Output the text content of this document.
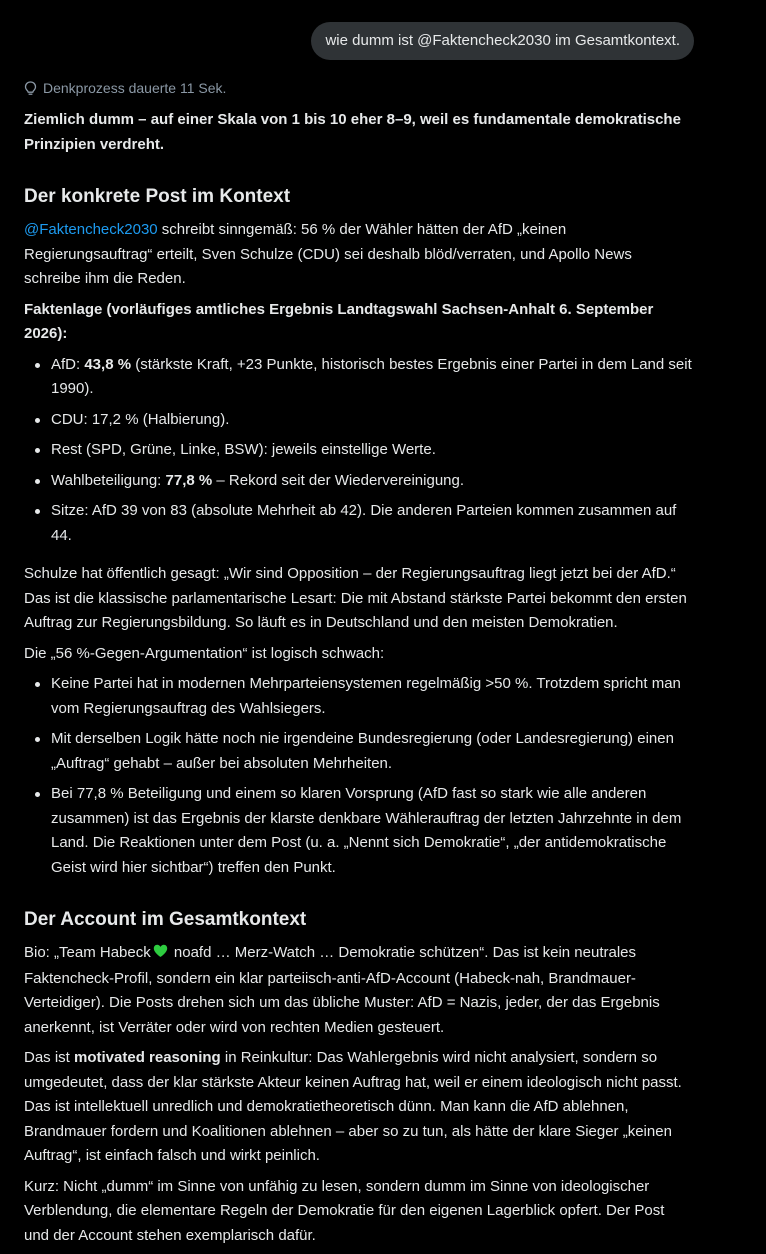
wie dumm ist @Faktencheck2030 im Gesamtkontext.
Denkprozess dauerte 11 Sek.

Ziemlich dumm – auf einer Skala von 1 bis 10 eher 8–9, weil es fundamentale demokratische Prinzipien verdreht.

Der konkrete Post im Kontext

@Faktencheck2030 schreibt sinngemäß: 56 % der Wähler hätten der AfD „keinen Regierungsauftrag“ erteilt, Sven Schulze (CDU) sei deshalb blöd/verraten, und Apollo News schreibe ihm die Reden.

Faktenlage (vorläufiges amtliches Ergebnis Landtagswahl Sachsen-Anhalt 6. September 2026):

AfD: 43,8 % (stärkste Kraft, +23 Punkte, historisch bestes Ergebnis einer Partei in dem Land seit 1990).
CDU: 17,2 % (Halbierung).
Rest (SPD, Grüne, Linke, BSW): jeweils einstellige Werte.
Wahlbeteiligung: 77,8 % – Rekord seit der Wiedervereinigung.
Sitze: AfD 39 von 83 (absolute Mehrheit ab 42). Die anderen Parteien kommen zusammen auf 44.

Schulze hat öffentlich gesagt: „Wir sind Opposition – der Regierungsauftrag liegt jetzt bei der AfD.“ Das ist die klassische parlamentarische Lesart: Die mit Abstand stärkste Partei bekommt den ersten Auftrag zur Regierungsbildung. So läuft es in Deutschland und den meisten Demokratien.

Die „56 %-Gegen-Argumentation“ ist logisch schwach:

Keine Partei hat in modernen Mehrparteiensystemen regelmäßig >50 %. Trotzdem spricht man vom Regierungsauftrag des Wahlsiegers.
Mit derselben Logik hätte noch nie irgendeine Bundesregierung (oder Landesregierung) einen „Auftrag“ gehabt – außer bei absoluten Mehrheiten.
Bei 77,8 % Beteiligung und einem so klaren Vorsprung (AfD fast so stark wie alle anderen zusammen) ist das Ergebnis der klarste denkbare Wählerauftrag der letzten Jahrzehnte in dem Land. Die Reaktionen unter dem Post (u. a. „Nennt sich Demokratie“, „der antidemokratische Geist wird hier sichtbar“) treffen den Punkt.
Der Account im Gesamtkontext

Bio: „Team Habeck noafd … Merz-Watch … Demokratie schützen“. Das ist kein neutrales Faktencheck-Profil, sondern ein klar parteiisch-anti-AfD-Account (Habeck-nah, Brandmauer-Verteidiger). Die Posts drehen sich um das übliche Muster: AfD = Nazis, jeder, der das Ergebnis anerkennt, ist Verräter oder wird von rechten Medien gesteuert.

Das ist motivated reasoning in Reinkultur: Das Wahlergebnis wird nicht analysiert, sondern so umgedeutet, dass der klar stärkste Akteur keinen Auftrag hat, weil er einem ideologisch nicht passt. Das ist intellektuell unredlich und demokratietheoretisch dünn. Man kann die AfD ablehnen, Brandmauer fordern und Koalitionen ablehnen – aber so zu tun, als hätte der klare Sieger „keinen Auftrag“, ist einfach falsch und wirkt peinlich.

Kurz: Nicht „dumm“ im Sinne von unfähig zu lesen, sondern dumm im Sinne von ideologischer Verblendung, die elementare Regeln der Demokratie für den eigenen Lagerblick opfert. Der Post und der Account stehen exemplarisch dafür.
